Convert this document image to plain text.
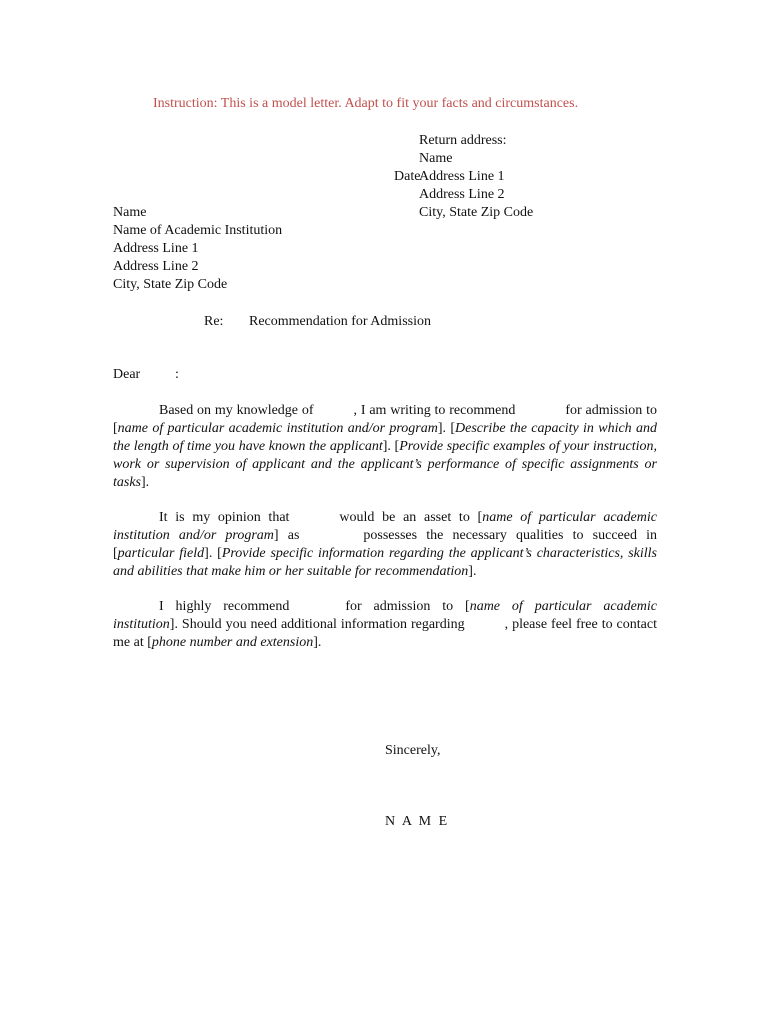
Instruction: This is a model letter. Adapt to fit your facts and circumstances.
Return address:
Name
Address Line 1
Address Line 2
City, State Zip Code
Date
Name
Name of Academic Institution
Address Line 1
Address Line 2
City, State Zip Code
Re: Recommendation for Admission
Dear :
Based on my knowledge of	, I am writing to recommend	for admission to [name of particular academic institution and/or program]. [Describe the capacity in which and the length of time you have known the applicant]. [Provide specific examples of your instruction, work or supervision of applicant and the applicant’s performance of specific assignments or tasks].
It is my opinion that	would be an asset to [name of particular academic institution and/or program] as	possesses the necessary qualities to succeed in [particular field]. [Provide specific information regarding the applicant’s characteristics, skills and abilities that make him or her suitable for recommendation].
I highly recommend	for admission to [name of particular academic institution]. Should you need additional information regarding	, please feel free to contact me at [phone number and extension].
Sincerely,
N A M E
